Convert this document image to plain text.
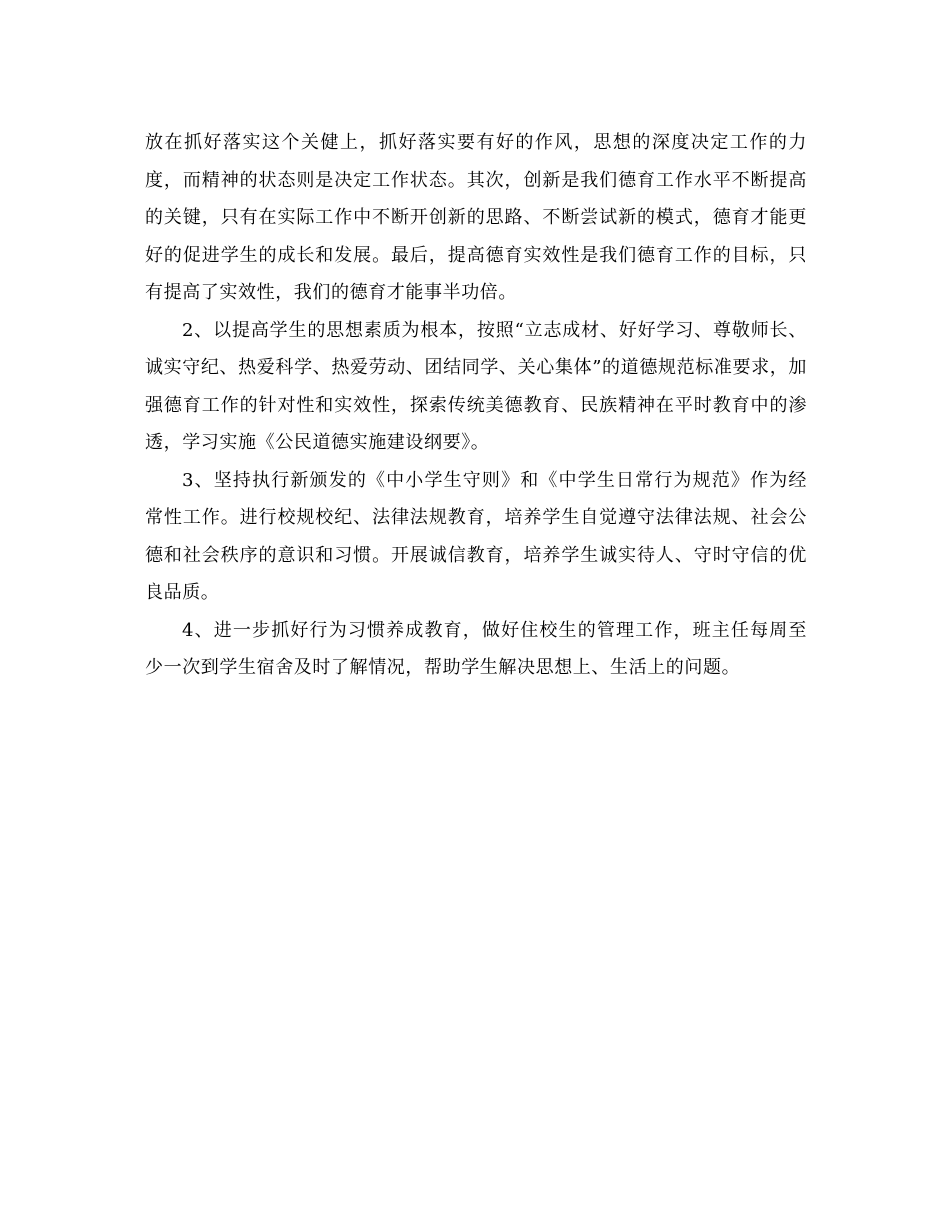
放在抓好落实这个关健上，抓好落实要有好的作风，思想的深度决定工作的力度，而精神的状态则是决定工作状态。其次，创新是我们德育工作水平不断提高的关键，只有在实际工作中不断开创新的思路、不断尝试新的模式，德育才能更好的促进学生的成长和发展。最后，提高德育实效性是我们德育工作的目标，只有提高了实效性，我们的德育才能事半功倍。

2、以提高学生的思想素质为根本，按照“立志成材、好好学习、尊敬师长、诚实守纪、热爱科学、热爱劳动、团结同学、关心集体”的道德规范标准要求，加强德育工作的针对性和实效性，探索传统美德教育、民族精神在平时教育中的渗透，学习实施《公民道德实施建设纲要》。

3、坚持执行新颁发的《中小学生守则》和《中学生日常行为规范》作为经常性工作。进行校规校纪、法律法规教育，培养学生自觉遵守法律法规、社会公德和社会秩序的意识和习惯。开展诚信教育，培养学生诚实待人、守时守信的优良品质。

4、进一步抓好行为习惯养成教育，做好住校生的管理工作，班主任每周至少一次到学生宿舍及时了解情况，帮助学生解决思想上、生活上的问题。
